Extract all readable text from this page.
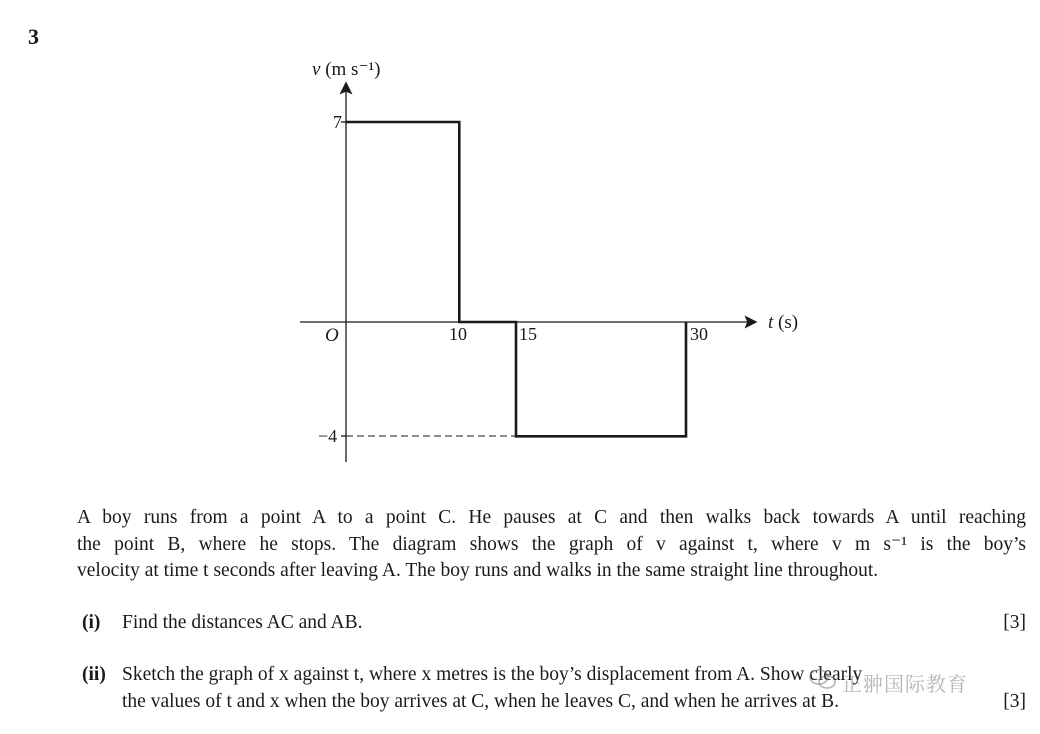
3
v (m s⁻¹)
t (s)
O	10	15	30
7
−4
A boy runs from a point A to a point C. He pauses at C and then walks back towards A until reaching
the point B, where he stops. The diagram shows the graph of v against t, where v m s⁻¹ is the boy’s
velocity at time t seconds after leaving A. The boy runs and walks in the same straight line throughout.
(i) Find the distances AC and AB.	[3]
(ii) Sketch the graph of x against t, where x metres is the boy’s displacement from A. Show clearly
the values of t and x when the boy arrives at C, when he leaves C, and when he arrives at B.	[3]
正翀国际教育
